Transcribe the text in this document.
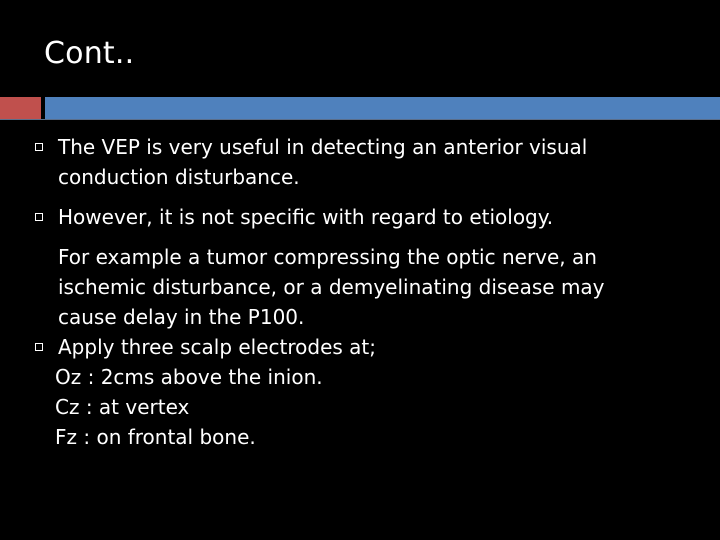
Cont..
The VEP is very useful in detecting an anterior visual
conduction disturbance.
However, it is not specific with regard to etiology.
For example a tumor compressing the optic nerve, an
ischemic disturbance, or a demyelinating disease may
cause delay in the P100.
Apply three scalp electrodes at;
Oz : 2cms above the inion.
Cz : at vertex
Fz : on frontal bone.
